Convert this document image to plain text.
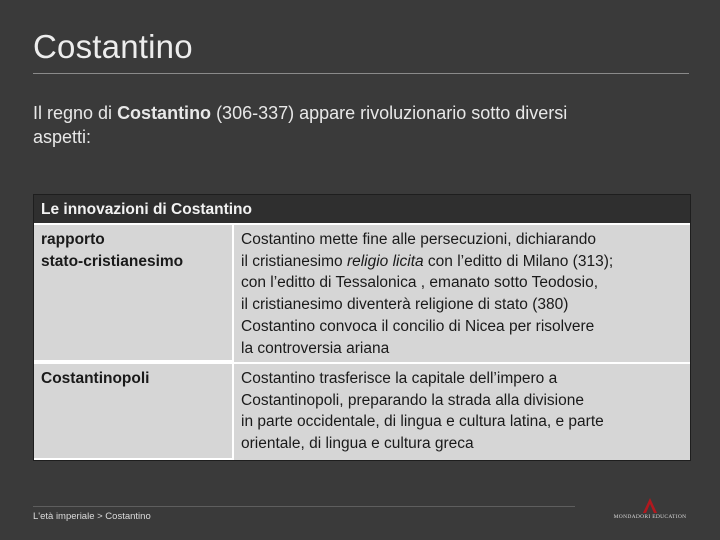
Costantino
Il regno di Costantino (306-337) appare rivoluzionario sotto diversi
aspetti:
Le innovazioni di Costantino
rapporto
stato-cristianesimo
Costantino mette fine alle persecuzioni, dichiarando
il cristianesimo religio licita con l’editto di Milano (313);
con l’editto di Tessalonica , emanato sotto Teodosio,
il cristianesimo diventerà religione di stato (380)
Costantino convoca il concilio di Nicea per risolvere
la controversia ariana
Costantinopoli	Costantino trasferisce la capitale dell’impero a
Costantinopoli, preparando la strada alla divisione
in parte occidentale, di lingua e cultura latina, e parte
orientale, di lingua e cultura greca
L'età imperiale > Costantino	MONDADORI EDUCATION
